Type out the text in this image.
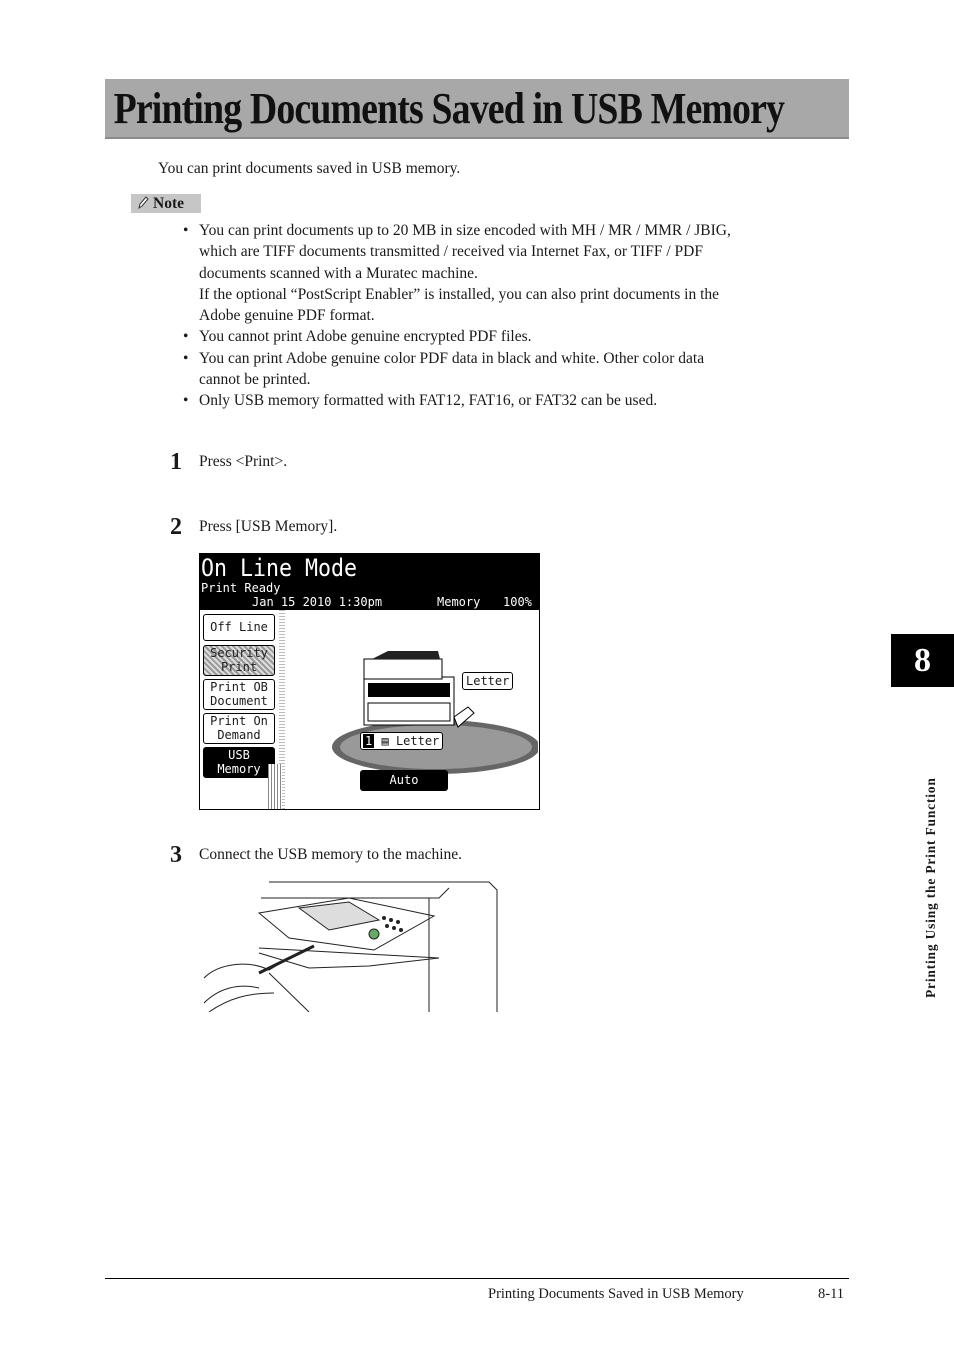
Printing Documents Saved in USB Memory
You can print documents saved in USB memory.
Note
• You can print documents up to 20 MB in size encoded with MH / MR / MMR / JBIG,
which are TIFF documents transmitted / received via Internet Fax, or TIFF / PDF
documents scanned with a Muratec machine.
If the optional “PostScript Enabler” is installed, you can also print documents in the
Adobe genuine PDF format.
• You cannot print Adobe genuine encrypted PDF files.
• You can print Adobe genuine color PDF data in black and white. Other color data
cannot be printed.
• Only USB memory formatted with FAT12, FAT16, or FAT32 can be used.
1 Press <Print>.
2 Press [USB Memory].
On Line Mode
Print Ready
Jan 15 2010 1:30pm	Memory 100%
Off Line
Security
Print
Print OB
Document
Print On
Demand
USB
Memory
Letter
1 ▤ Letter
Auto
3 Connect the USB memory to the machine.
8
Printing Using the Print Function
Printing Documents Saved in USB Memory	8-11
